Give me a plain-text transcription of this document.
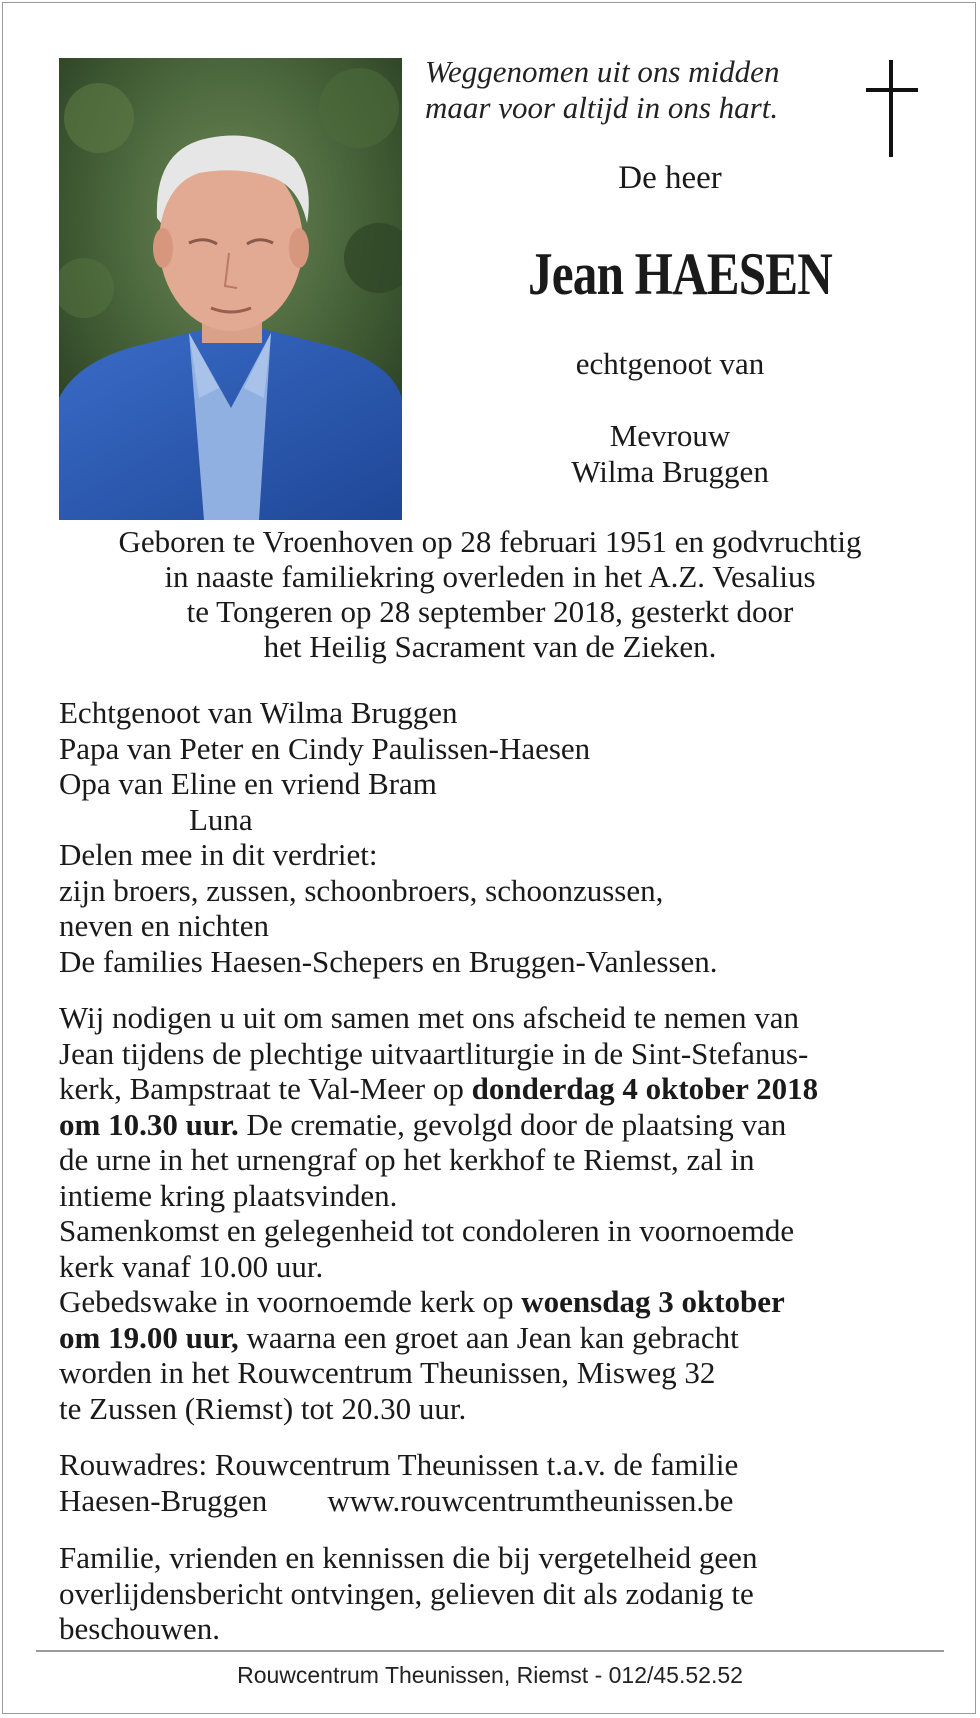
Weggenomen uit ons midden
maar voor altijd in ons hart.
De heer
Jean HAESEN
echtgenoot van
Mevrouw
Wilma Bruggen
Geboren te Vroenhoven op 28 februari 1951 en godvruchtig
in naaste familiekring overleden in het A.Z. Vesalius
te Tongeren op 28 september 2018, gesterkt door
het Heilig Sacrament van de Zieken.
Echtgenoot van Wilma Bruggen
Papa van Peter en Cindy Paulissen-Haesen
Opa van Eline en vriend Bram
Luna
Delen mee in dit verdriet:
zijn broers, zussen, schoonbroers, schoonzussen,
neven en nichten
De families Haesen-Schepers en Bruggen-Vanlessen.
Wij nodigen u uit om samen met ons afscheid te nemen van
Jean tijdens de plechtige uitvaartliturgie in de Sint-Stefanus-
kerk, Bampstraat te Val-Meer op donderdag 4 oktober 2018
om 10.30 uur. De crematie, gevolgd door de plaatsing van
de urne in het urnengraf op het kerkhof te Riemst, zal in
intieme kring plaatsvinden.
Samenkomst en gelegenheid tot condoleren in voornoemde
kerk vanaf 10.00 uur.
Gebedswake in voornoemde kerk op woensdag 3 oktober
om 19.00 uur, waarna een groet aan Jean kan gebracht
worden in het Rouwcentrum Theunissen, Misweg 32
te Zussen (Riemst) tot 20.30 uur.
Rouwadres: Rouwcentrum Theunissen t.a.v. de familie
Haesen-Bruggen www.rouwcentrumtheunissen.be
Familie, vrienden en kennissen die bij vergetelheid geen
overlijdensbericht ontvingen, gelieven dit als zodanig te
beschouwen.
Rouwcentrum Theunissen, Riemst - 012/45.52.52
